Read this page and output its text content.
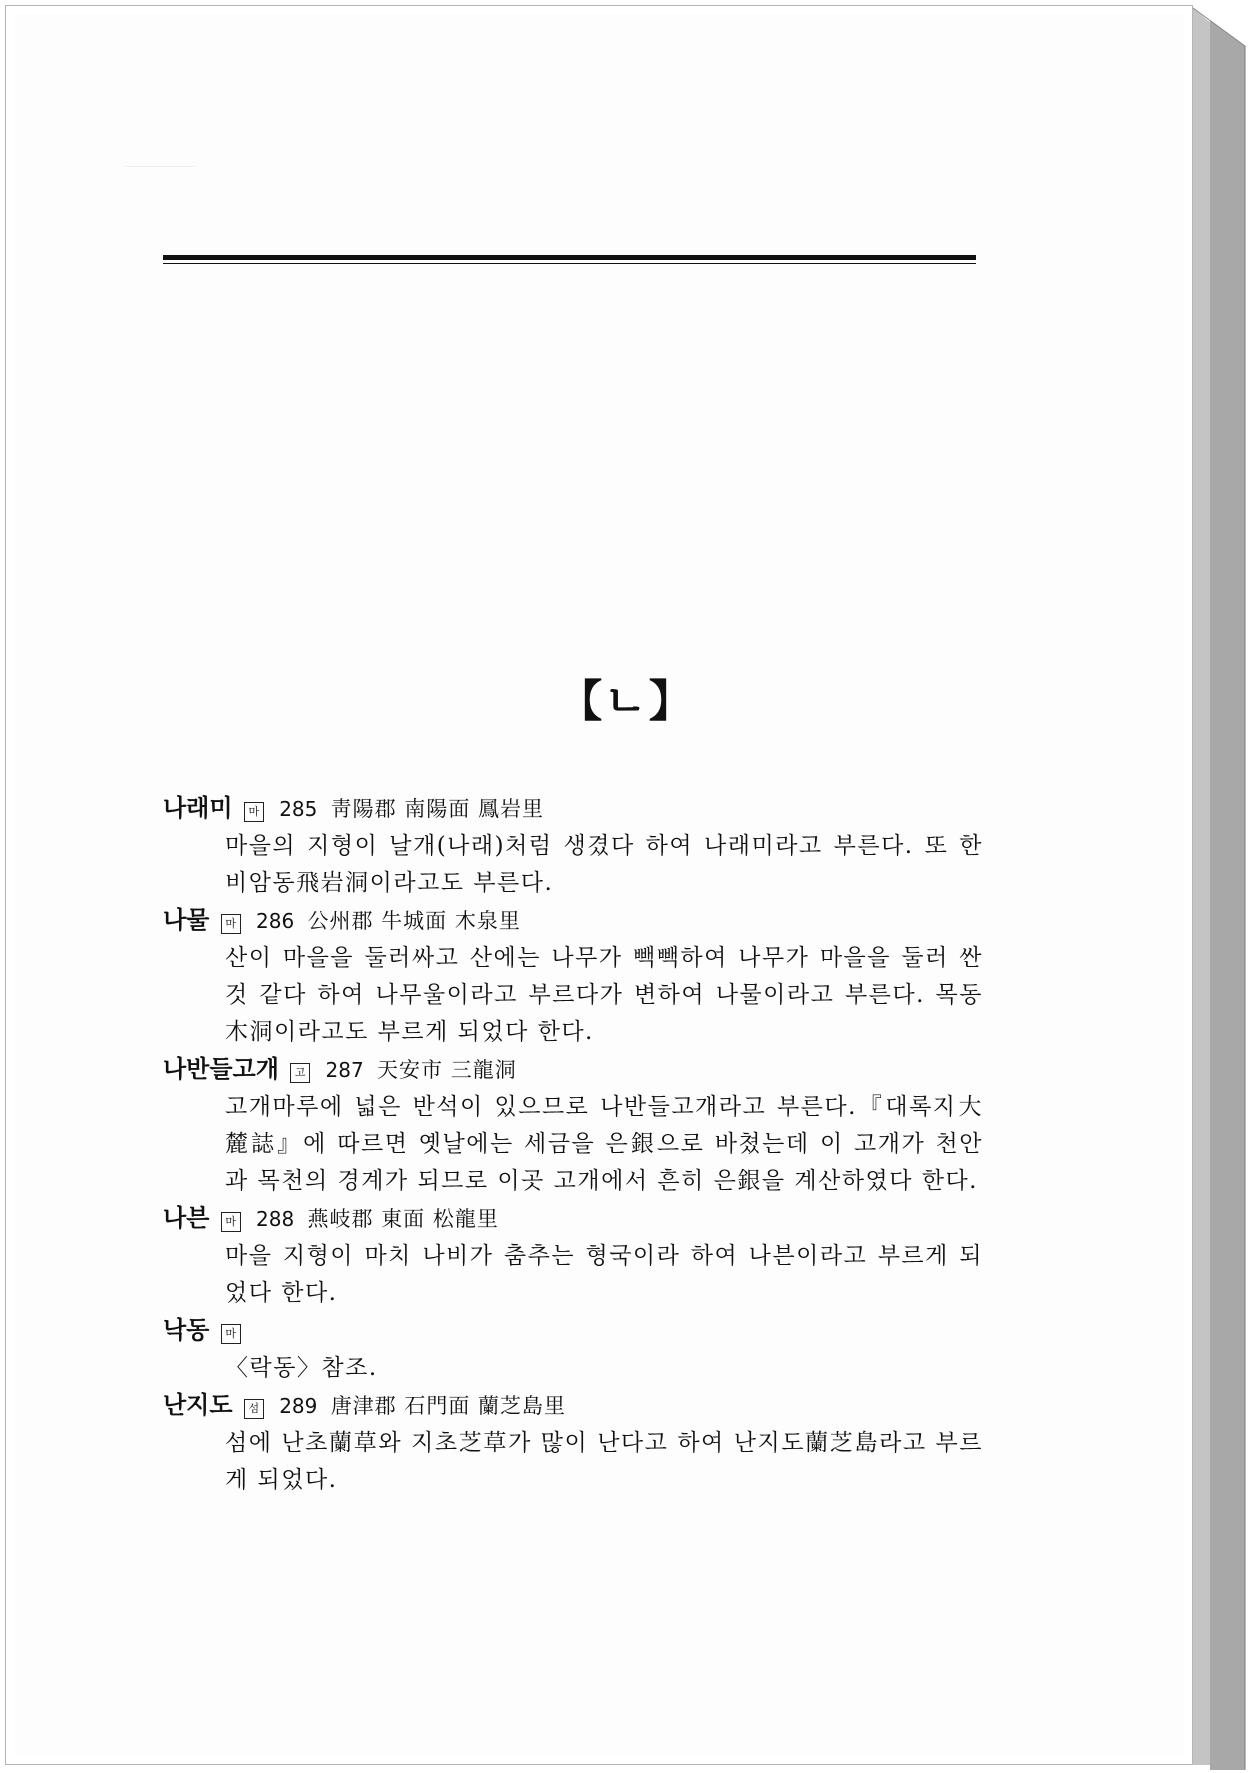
【ㄴ】
나래미 마 285 靑陽郡 南陽面 鳳岩里
마을의 지형이 날개(나래)처럼 생겼다 하여 나래미라고 부른다. 또 한 비암동飛岩洞이라고도 부른다.
나물 마 286 公州郡 牛城面 木泉里
산이 마을을 둘러싸고 산에는 나무가 빽빽하여 나무가 마을을 둘러 싼 것 같다 하여 나무울이라고 부르다가 변하여 나물이라고 부른다. 목동木洞이라고도 부르게 되었다 한다.
나반들고개 고 287 天安市 三龍洞
고개마루에 넓은 반석이 있으므로 나반들고개라고 부른다.『대록지大麓誌』에 따르면 옛날에는 세금을 은銀으로 바쳤는데 이 고개가 천안과 목천의 경계가 되므로 이곳 고개에서 흔히 은銀을 계산하였다 한다.
나븐 마 288 燕岐郡 東面 松龍里
마을 지형이 마치 나비가 춤추는 형국이라 하여 나븐이라고 부르게 되었다 한다.
낙동 마
〈락동〉참조.
난지도 섬 289 唐津郡 石門面 蘭芝島里
섬에 난초蘭草와 지초芝草가 많이 난다고 하여 난지도蘭芝島라고 부르게 되었다.
